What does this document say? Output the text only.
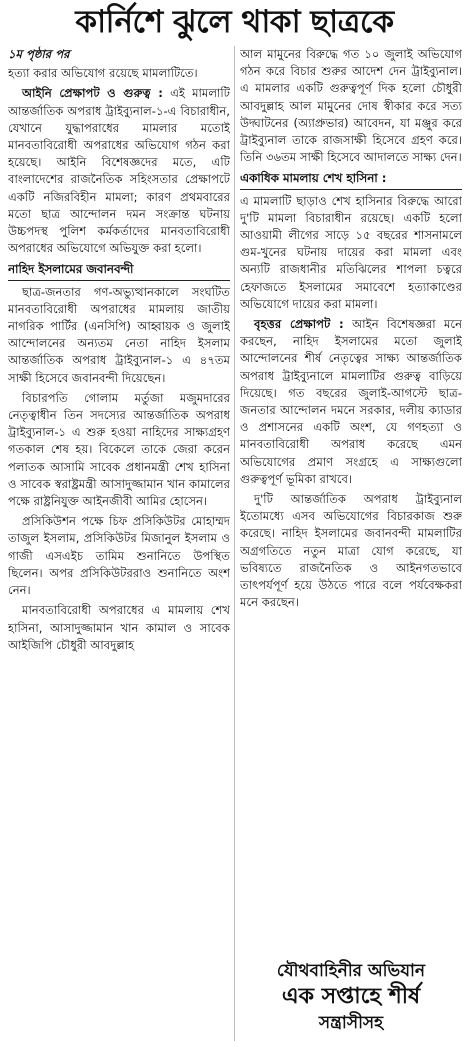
কার্নিশে ঝুলে থাকা ছাত্রকে
১ম পৃষ্ঠার পর

হত্যা করার অভিযোগ রয়েছে মামলাটিতে।

আইনি প্রেক্ষাপট ও গুরুত্ব : এই মামলাটি আন্তর্জাতিক অপরাধ ট্রাইব্যুনাল-১-এ বিচারাধীন, যেখানে যুদ্ধাপরাধের মামলার মতোই মানবতাবিরোধী অপরাধের অভিযোগ গঠন করা হয়েছে। আইনি বিশেষজ্ঞদের মতে, এটি বাংলাদেশের রাজনৈতিক সহিংসতার প্রেক্ষাপটে একটি নজিরবিহীন মামলা; কারণ প্রথমবারের মতো ছাত্র আন্দোলন দমন সংক্রান্ত ঘটনায় উচ্চপদস্থ পুলিশ কর্মকর্তাদের মানবতাবিরোধী অপরাধের অভিযোগে অভিযুক্ত করা হলো।

নাহিদ ইসলামের জবানবন্দী

ছাত্র-জনতার গণ-অভ্যুত্থানকালে সংঘটিত মানবতাবিরোধী অপরাধের মামলায় জাতীয় নাগরিক পার্টির (এনসিপি) আহ্বায়ক ও জুলাই আন্দোলনের অন্যতম নেতা নাহিদ ইসলাম আন্তর্জাতিক অপরাধ ট্রাইব্যুনাল-১ এ ৪৭তম সাক্ষী হিসেবে জবানবন্দী দিয়েছেন।

বিচারপতি গোলাম মর্তুজা মজুমদারের নেতৃত্বাধীন তিন সদস্যের আন্তর্জাতিক অপরাধ ট্রাইব্যুনাল-১ এ শুরু হওয়া নাহিদের সাক্ষ্যগ্রহণ গতকাল শেষ হয়। বিকেলে তাকে জেরা করেন পলাতক আসামি সাবেক প্রধানমন্ত্রী শেখ হাসিনা ও সাবেক স্বরাষ্ট্রমন্ত্রী আসাদুজ্জামান খান কামালের পক্ষে রাষ্ট্রনিযুক্ত আইনজীবী আমির হোসেন।

প্রসিকিউশন পক্ষে চিফ প্রসিকিউটর মোহাম্মদ তাজুল ইসলাম, প্রসিকিউটর মিজানুল ইসলাম ও গাজী এসএইচ তামিম শুনানিতে উপস্থিত ছিলেন। অপর প্রসিকিউটররাও শুনানিতে অংশ নেন।

মানবতাবিরোধী অপরাধের এ মামলায় শেখ হাসিনা, আসাদুজ্জামান খান কামাল ও সাবেক আইজিপি চৌধুরী আবদুল্লাহ

আল মামুনের বিরুদ্ধে গত ১০ জুলাই অভিযোগ গঠন করে বিচার শুরুর আদেশ দেন ট্রাইব্যুনাল। এ মামলার একটি গুরুত্বপূর্ণ দিক হলো চৌধুরী আবদুল্লাহ আল মামুনের দোষ স্বীকার করে সত্য উদ্ঘাটনের (অ্যাপ্রুভার) আবেদন, যা মঞ্জুর করে ট্রাইব্যুনাল তাকে রাজসাক্ষী হিসেবে গ্রহণ করে। তিনি ৩৬তম সাক্ষী হিসেবে আদালতে সাক্ষ্য দেন।

একাধিক মামলায় শেখ হাসিনা :

এ মামলাটি ছাড়াও শেখ হাসিনার বিরুদ্ধে আরো দু'টি মামলা বিচারাধীন রয়েছে। একটি হলো আওয়ামী লীগের সাড়ে ১৫ বছরের শাসনামলে গুম-খুনের ঘটনায় দায়ের করা মামলা এবং অন্যটি রাজধানীর মতিঝিলের শাপলা চত্বরে হেফাজতে ইসলামের সমাবেশে হত্যাকাণ্ডের অভিযোগে দায়ের করা মামলা।

বৃহত্তর প্রেক্ষাপট : আইন বিশেষজ্ঞরা মনে করছেন, নাহিদ ইসলামের মতো জুলাই আন্দোলনের শীর্ষ নেতৃত্বের সাক্ষ্য আন্তর্জাতিক অপরাধ ট্রাইব্যুনালে মামলাটির গুরুত্ব বাড়িয়ে দিয়েছে। গত বছরের জুলাই-আগস্টে ছাত্র-জনতার আন্দোলন দমনে সরকার, দলীয় ক্যাডার ও প্রশাসনের একটি অংশ, যে গণহত্যা ও মানবতাবিরোধী অপরাধ করেছে এমন অভিযোগের প্রমাণ সংগ্রহে এ সাক্ষ্যগুলো গুরুত্বপূর্ণ ভূমিকা রাখবে।

দু'টি আন্তর্জাতিক অপরাধ ট্রাইব্যুনাল ইতোমধ্যে এসব অভিযোগের বিচারকাজ শুরু করেছে। নাহিদ ইসলামের জবানবন্দী মামলাটির অগ্রগতিতে নতুন মাত্রা যোগ করেছে, যা ভবিষ্যতে রাজনৈতিক ও আইনগতভাবে তাৎপর্যপূর্ণ হয়ে উঠতে পারে বলে পর্যবেক্ষকরা মনে করছেন।

যৌথবাহিনীর অভিযান
এক সপ্তাহে শীর্ষ
সন্ত্রাসীসহ
